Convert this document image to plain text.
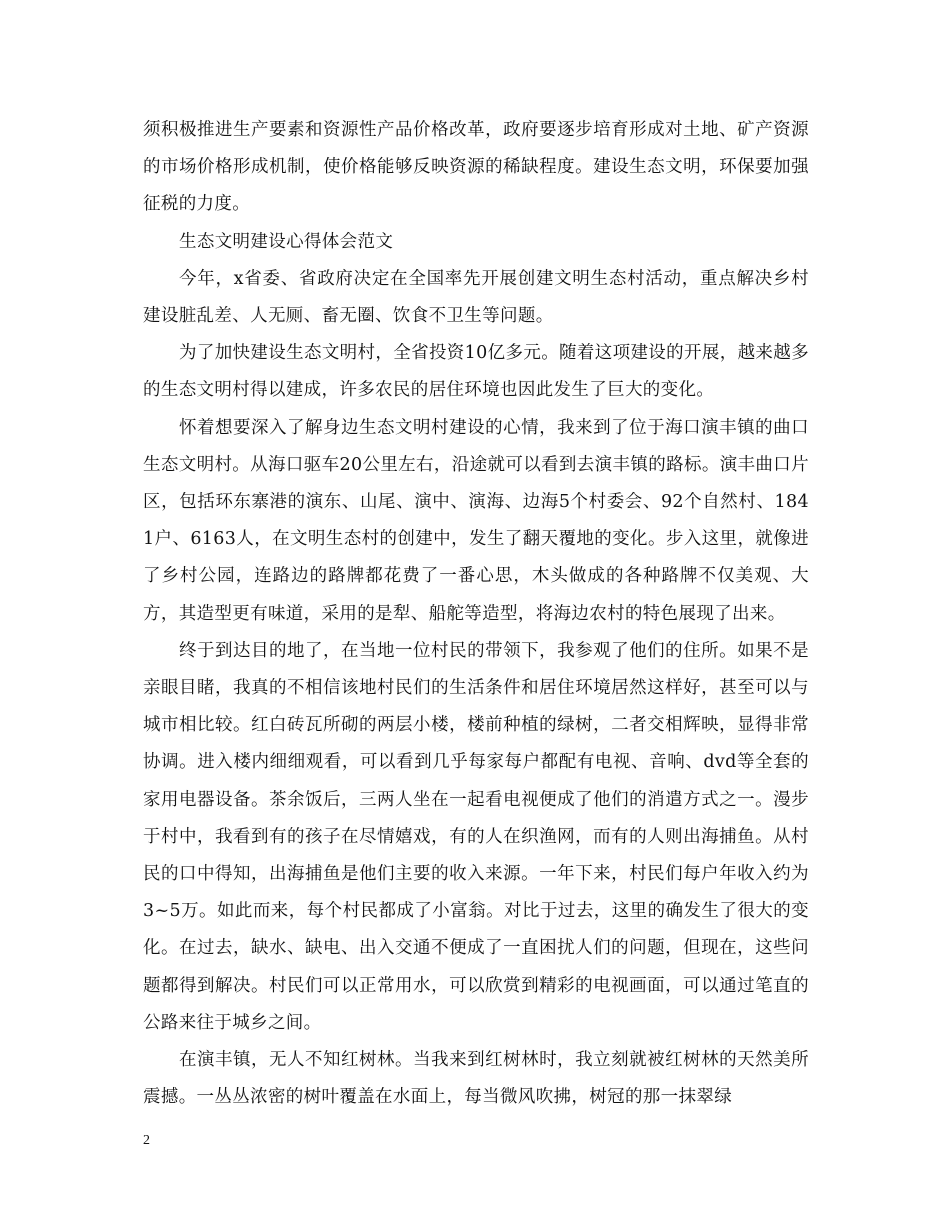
须积极推进生产要素和资源性产品价格改革，政府要逐步培育形成对土地、矿产资源的市场价格形成机制，使价格能够反映资源的稀缺程度。建设生态文明，环保要加强征税的力度。

生态文明建设心得体会范文

今年，x省委、省政府决定在全国率先开展创建文明生态村活动，重点解决乡村建设脏乱差、人无厕、畜无圈、饮食不卫生等问题。

为了加快建设生态文明村，全省投资10亿多元。随着这项建设的开展，越来越多的生态文明村得以建成，许多农民的居住环境也因此发生了巨大的变化。

怀着想要深入了解身边生态文明村建设的心情，我来到了位于海口演丰镇的曲口生态文明村。从海口驱车20公里左右，沿途就可以看到去演丰镇的路标。演丰曲口片区，包括环东寨港的演东、山尾、演中、演海、边海5个村委会、92个自然村、1841户、6163人，在文明生态村的创建中，发生了翻天覆地的变化。步入这里，就像进了乡村公园，连路边的路牌都花费了一番心思，木头做成的各种路牌不仅美观、大方，其造型更有味道，采用的是犁、船舵等造型，将海边农村的特色展现了出来。

终于到达目的地了，在当地一位村民的带领下，我参观了他们的住所。如果不是亲眼目睹，我真的不相信该地村民们的生活条件和居住环境居然这样好，甚至可以与城市相比较。红白砖瓦所砌的两层小楼，楼前种植的绿树，二者交相辉映，显得非常协调。进入楼内细细观看，可以看到几乎每家每户都配有电视、音响、dvd等全套的家用电器设备。茶余饭后，三两人坐在一起看电视便成了他们的消遣方式之一。漫步于村中，我看到有的孩子在尽情嬉戏，有的人在织渔网，而有的人则出海捕鱼。从村民的口中得知，出海捕鱼是他们主要的收入来源。一年下来，村民们每户年收入约为3~5万。如此而来，每个村民都成了小富翁。对比于过去，这里的确发生了很大的变化。在过去，缺水、缺电、出入交通不便成了一直困扰人们的问题，但现在，这些问题都得到解决。村民们可以正常用水，可以欣赏到精彩的电视画面，可以通过笔直的公路来往于城乡之间。

在演丰镇，无人不知红树林。当我来到红树林时，我立刻就被红树林的天然美所震撼。一丛丛浓密的树叶覆盖在水面上，每当微风吹拂，树冠的那一抹翠绿

2
